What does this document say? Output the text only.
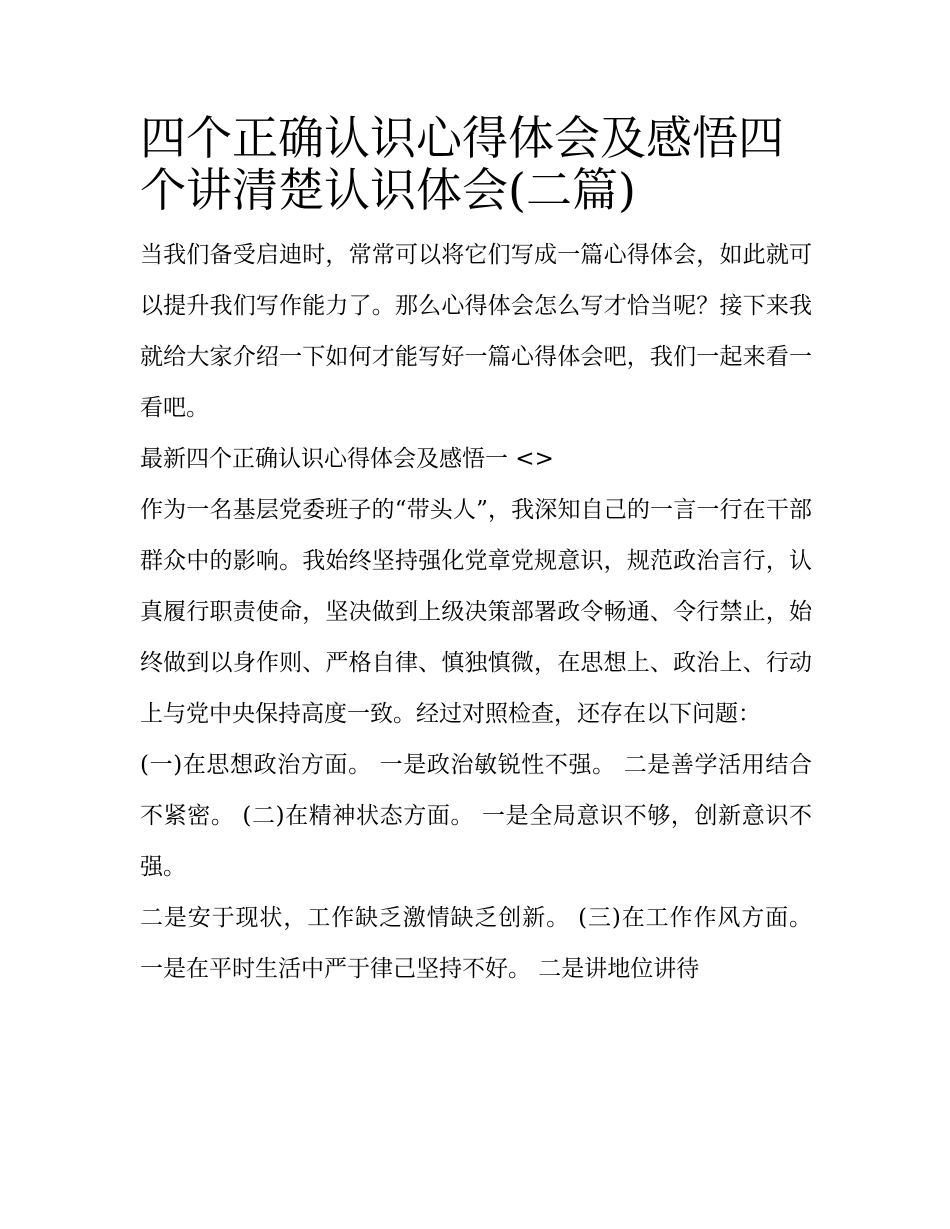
四个正确认识心得体会及感悟四个讲清楚认识体会(二篇)

当我们备受启迪时，常常可以将它们写成一篇心得体会，如此就可以提升我们写作能力了。那么心得体会怎么写才恰当呢？接下来我就给大家介绍一下如何才能写好一篇心得体会吧，我们一起来看一看吧。

最新四个正确认识心得体会及感悟一 <>

作为一名基层党委班子的“带头人”，我深知自己的一言一行在干部群众中的影响。我始终坚持强化党章党规意识，规范政治言行，认真履行职责使命，坚决做到上级决策部署政令畅通、令行禁止，始终做到以身作则、严格自律、慎独慎微，在思想上、政治上、行动上与党中央保持高度一致。经过对照检查，还存在以下问题：

(一)在思想政治方面。 一是政治敏锐性不强。 二是善学活用结合不紧密。 (二)在精神状态方面。 一是全局意识不够，创新意识不强。

二是安于现状，工作缺乏激情缺乏创新。 (三)在工作作风方面。 一是在平时生活中严于律己坚持不好。 二是讲地位讲待
